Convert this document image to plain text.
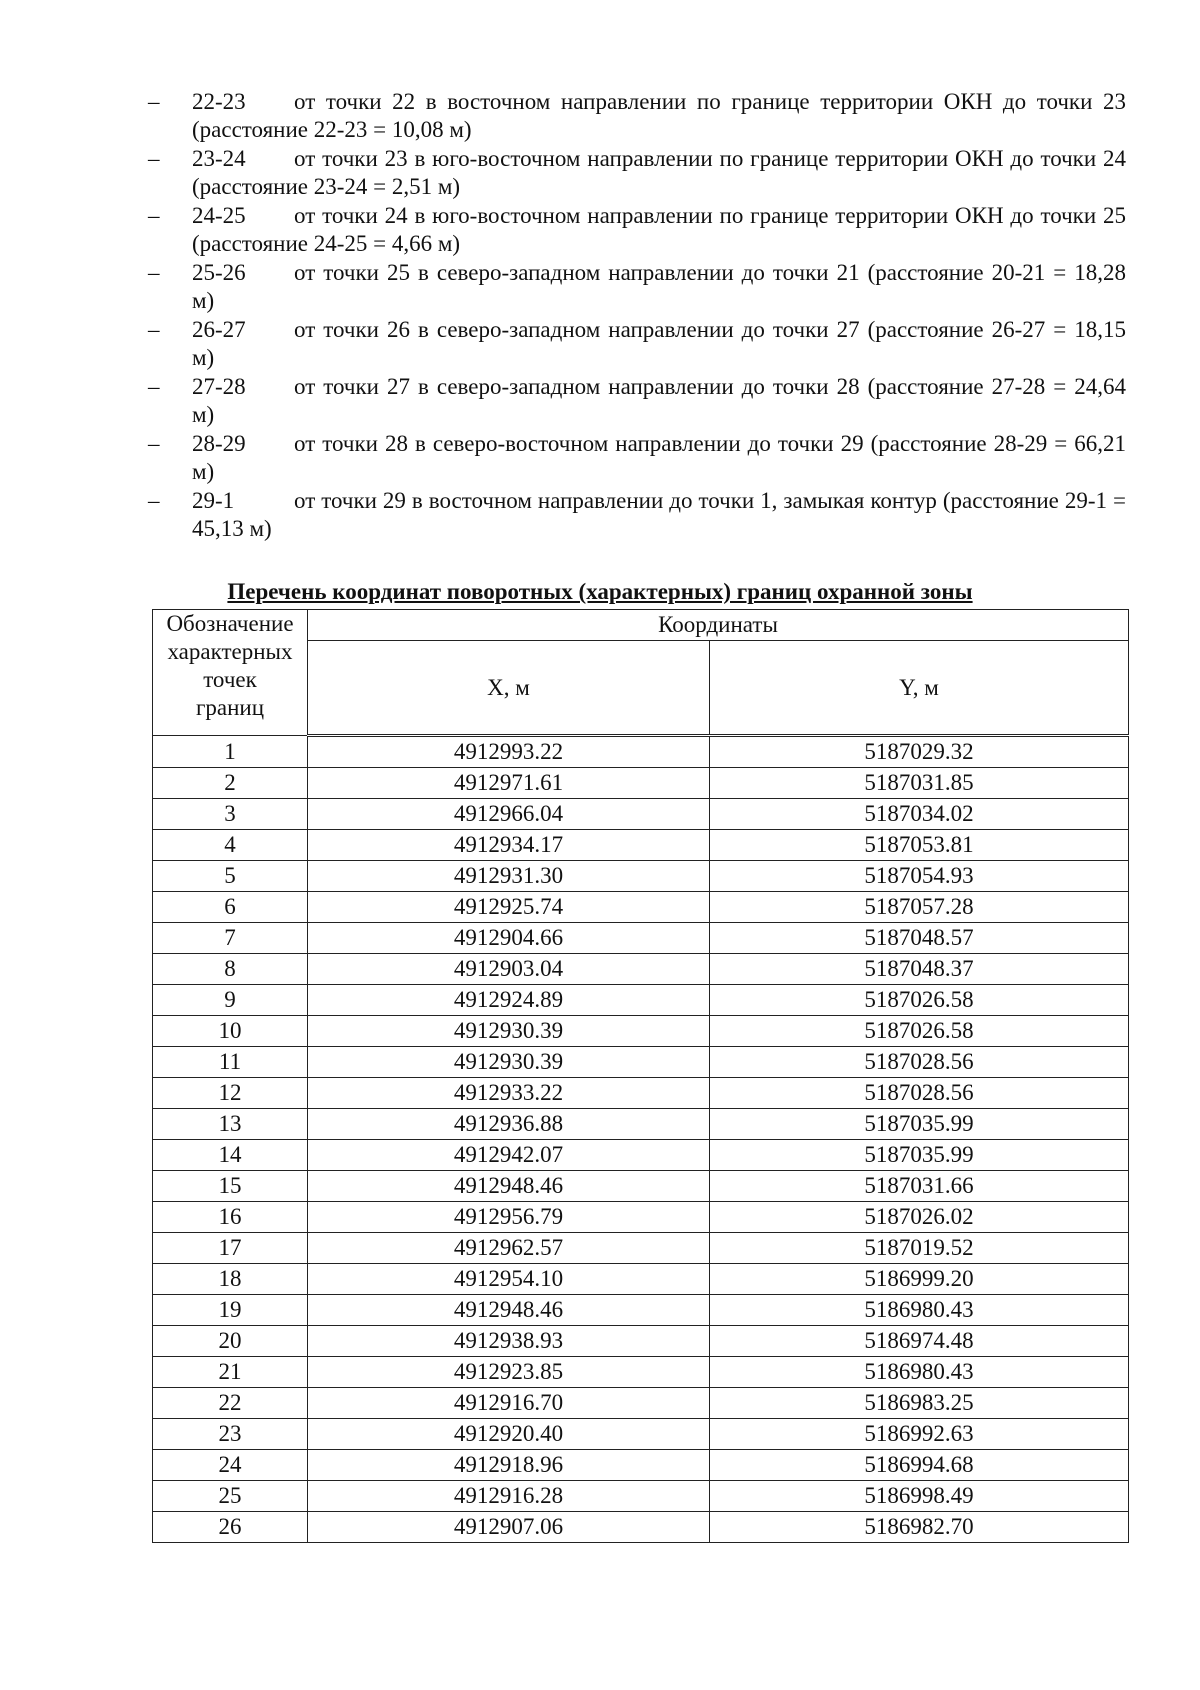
–	22-23 от точки 22 в восточном направлении по границе территории ОКН до точки 23 (расстояние 22-23 = 10,08 м)
–	23-24 от точки 23 в юго-восточном направлении по границе территории ОКН до точки 24 (расстояние 23-24 = 2,51 м)
–	24-25 от точки 24 в юго-восточном направлении по границе территории ОКН до точки 25 (расстояние 24-25 = 4,66 м)
–	25-26 от точки 25 в северо-западном направлении до точки 21 (расстояние 20-21 = 18,28 м)
–	26-27 от точки 26 в северо-западном направлении до точки 27 (расстояние 26-27 = 18,15 м)
–	27-28 от точки 27 в северо-западном направлении до точки 28 (расстояние 27-28 = 24,64 м)
–	28-29 от точки 28 в северо-восточном направлении до точки 29 (расстояние 28-29 = 66,21 м)
–	29-1	от точки 29 в восточном направлении до точки 1, замыкая контур (расстояние 29-1 = 45,13 м)
Перечень координат поворотных (характерных) границ охранной зоны
Обозначение
характерных
точек
границ	Координаты	
	X, м	Y, м
1	4912993.22	5187029.32
2	4912971.61	5187031.85
3	4912966.04	5187034.02
4	4912934.17	5187053.81
5	4912931.30	5187054.93
6	4912925.74	5187057.28
7	4912904.66	5187048.57
8	4912903.04	5187048.37
9	4912924.89	5187026.58
10	4912930.39	5187026.58
11	4912930.39	5187028.56
12	4912933.22	5187028.56
13	4912936.88	5187035.99
14	4912942.07	5187035.99
15	4912948.46	5187031.66
16	4912956.79	5187026.02
17	4912962.57	5187019.52
18	4912954.10	5186999.20
19	4912948.46	5186980.43
20	4912938.93	5186974.48
21	4912923.85	5186980.43
22	4912916.70	5186983.25
23	4912920.40	5186992.63
24	4912918.96	5186994.68
25	4912916.28	5186998.49
26	4912907.06	5186982.70
